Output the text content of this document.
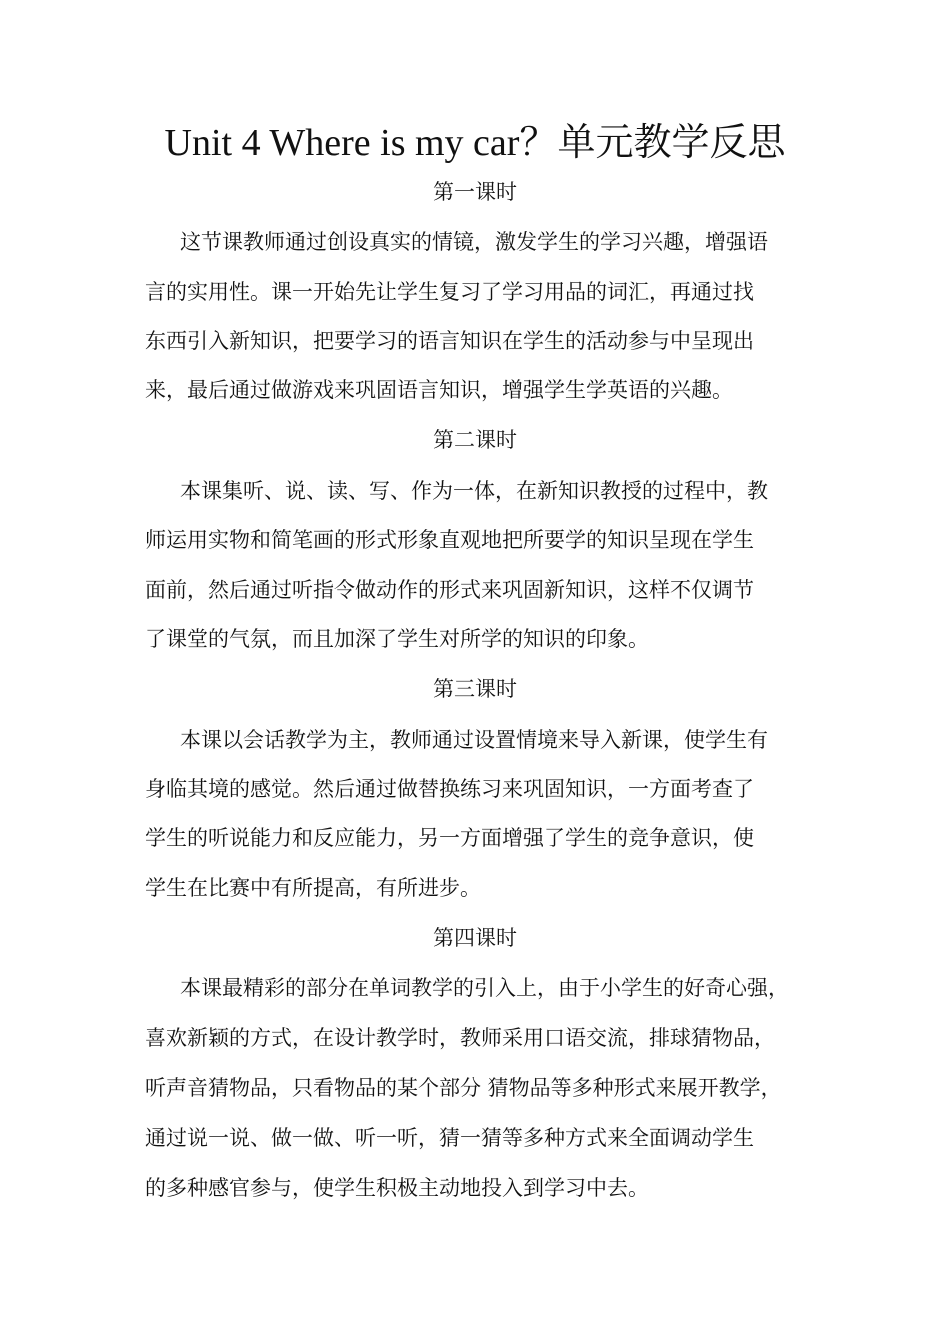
Unit 4 Where is my car？单元教学反思
第一课时
这节课教师通过创设真实的情镜，激发学生的学习兴趣，增强语
言的实用性。课一开始先让学生复习了学习用品的词汇，再通过找
东西引入新知识，把要学习的语言知识在学生的活动参与中呈现出
来，最后通过做游戏来巩固语言知识，增强学生学英语的兴趣。
第二课时
本课集听、说、读、写、作为一体，在新知识教授的过程中，教
师运用实物和简笔画的形式形象直观地把所要学的知识呈现在学生
面前，然后通过听指令做动作的形式来巩固新知识，这样不仅调节
了课堂的气氛，而且加深了学生对所学的知识的印象。
第三课时
本课以会话教学为主，教师通过设置情境来导入新课，使学生有
身临其境的感觉。然后通过做替换练习来巩固知识，一方面考查了
学生的听说能力和反应能力，另一方面增强了学生的竞争意识，使
学生在比赛中有所提高，有所进步。
第四课时
本课最精彩的部分在单词教学的引入上，由于小学生的好奇心强，
喜欢新颖的方式，在设计教学时，教师采用口语交流，排球猜物品，
听声音猜物品，只看物品的某个部分 猜物品等多种形式来展开教学，
通过说一说、做一做、听一听，猜一猜等多种方式来全面调动学生
的多种感官参与，使学生积极主动地投入到学习中去。
